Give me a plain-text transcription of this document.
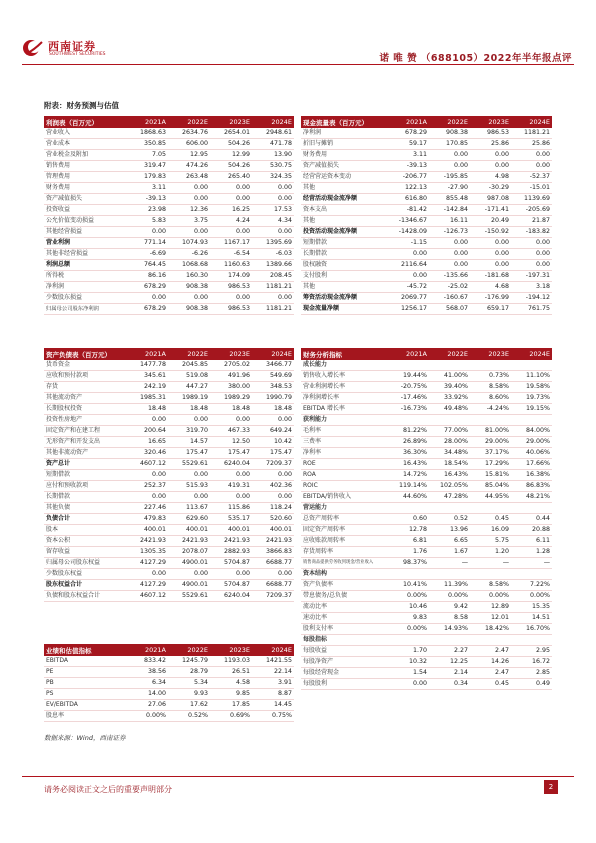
西南证券
SOUTHWEST SECURITIES	诺 唯 赞 （688105）2022年半年报点评
附表：财务预测与估值
利润表（百万元）	2021A	2022E	2023E	2024E
营业收入	1868.63	2634.76	2654.01	2948.61
营业成本	350.85	606.00	504.26	471.78
营业税金及附加	7.05	12.95	12.99	13.90
销售费用	319.47	474.26	504.26	530.75
管理费用	179.83	263.48	265.40	324.35
财务费用	3.11	0.00	0.00	0.00
资产减值损失	-39.13	0.00	0.00	0.00
投资收益	23.98	12.36	16.25	17.53
公允价值变动损益	5.83	3.75	4.24	4.34
其他经营损益	0.00	0.00	0.00	0.00
营业利润	771.14	1074.93	1167.17	1395.69
其他非经营损益	-6.69	-6.26	-6.54	-6.03
利润总额	764.45	1068.68	1160.63	1389.66
所得税	86.16	160.30	174.09	208.45
净利润	678.29	908.38	986.53	1181.21
少数股东损益	0.00	0.00	0.00	0.00
归属母公司股东净利润	678.29	908.38	986.53	1181.21
现金流量表（百万元）	2021A	2022E	2023E	2024E
净利润	678.29	908.38	986.53	1181.21
折旧与摊销	59.17	170.85	25.86	25.86
财务费用	3.11	0.00	0.00	0.00
资产减值损失	-39.13	0.00	0.00	0.00
经营营运资本变动	-206.77	-195.85	4.98	-52.37
其他	122.13	-27.90	-30.29	-15.01
经营活动现金流净额	616.80	855.48	987.08	1139.69
资本支出	-81.42	-142.84	-171.41	-205.69
其他	-1346.67	16.11	20.49	21.87
投资活动现金流净额	-1428.09	-126.73	-150.92	-183.82
短期借款	-1.15	0.00	0.00	0.00
长期借款	0.00	0.00	0.00	0.00
股权融资	2116.64	0.00	0.00	0.00
支付股利	0.00	-135.66	-181.68	-197.31
其他	-45.72	-25.02	4.68	3.18
筹资活动现金流净额	2069.77	-160.67	-176.99	-194.12
现金流量净额	1256.17	568.07	659.17	761.75
资产负债表（百万元）	2021A	2022E	2023E	2024E
货币资金	1477.78	2045.85	2705.02	3466.77
应收和预付款项	345.61	519.08	491.96	549.69
存货	242.19	447.27	380.00	348.53
其他流动资产	1985.31	1989.19	1989.29	1990.79
长期股权投资	18.48	18.48	18.48	18.48
投资性房地产	0.00	0.00	0.00	0.00
固定资产和在建工程	200.64	319.70	467.33	649.24
无形资产和开发支出	16.65	14.57	12.50	10.42
其他非流动资产	320.46	175.47	175.47	175.47
资产总计	4607.12	5529.61	6240.04	7209.37
短期借款	0.00	0.00	0.00	0.00
应付和预收款项	252.37	515.93	419.31	402.36
长期借款	0.00	0.00	0.00	0.00
其他负债	227.46	113.67	115.86	118.24
负债合计	479.83	629.60	535.17	520.60
股本	400.01	400.01	400.01	400.01
资本公积	2421.93	2421.93	2421.93	2421.93
留存收益	1305.35	2078.07	2882.93	3866.83
归属母公司股东权益	4127.29	4900.01	5704.87	6688.77
少数股东权益	0.00	0.00	0.00	0.00
股东权益合计	4127.29	4900.01	5704.87	6688.77
负债和股东权益合计	4607.12	5529.61	6240.04	7209.37
财务分析指标	2021A	2022E	2023E	2024E
成长能力				
销售收入增长率	19.44%	41.00%	0.73%	11.10%
营业利润增长率	-20.75%	39.40%	8.58%	19.58%
净利润增长率	-17.46%	33.92%	8.60%	19.73%
EBITDA 增长率	-16.73%	49.48%	-4.24%	19.15%
获利能力				
毛利率	81.22%	77.00%	81.00%	84.00%
三费率	26.89%	28.00%	29.00%	29.00%
净利率	36.30%	34.48%	37.17%	40.06%
ROE	16.43%	18.54%	17.29%	17.66%
ROA	14.72%	16.43%	15.81%	16.38%
ROIC	119.14%	102.05%	85.04%	86.83%
EBITDA/销售收入	44.60%	47.28%	44.95%	48.21%
营运能力				
总资产周转率	0.60	0.52	0.45	0.44
固定资产周转率	12.78	13.96	16.09	20.88
应收账款周转率	6.81	6.65	5.75	6.11
存货周转率	1.76	1.67	1.20	1.28
销售商品提供劳务收到现金/营业收入	98.37%	—	—	—
资本结构				
资产负债率	10.41%	11.39%	8.58%	7.22%
带息债务/总负债	0.00%	0.00%	0.00%	0.00%
流动比率	10.46	9.42	12.89	15.35
速动比率	9.83	8.58	12.01	14.51
股利支付率	0.00%	14.93%	18.42%	16.70%
每股指标				
每股收益	1.70	2.27	2.47	2.95
每股净资产	10.32	12.25	14.26	16.72
每股经营现金	1.54	2.14	2.47	2.85
每股股利	0.00	0.34	0.45	0.49
业绩和估值指标	2021A	2022E	2023E	2024E
EBITDA	833.42	1245.79	1193.03	1421.55
PE	38.56	28.79	26.51	22.14
PB	6.34	5.34	4.58	3.91
PS	14.00	9.93	9.85	8.87
EV/EBITDA	27.06	17.62	17.85	14.45
股息率	0.00%	0.52%	0.69%	0.75%
数据来源：Wind，西南证券
请务必阅读正文之后的重要声明部分	2
